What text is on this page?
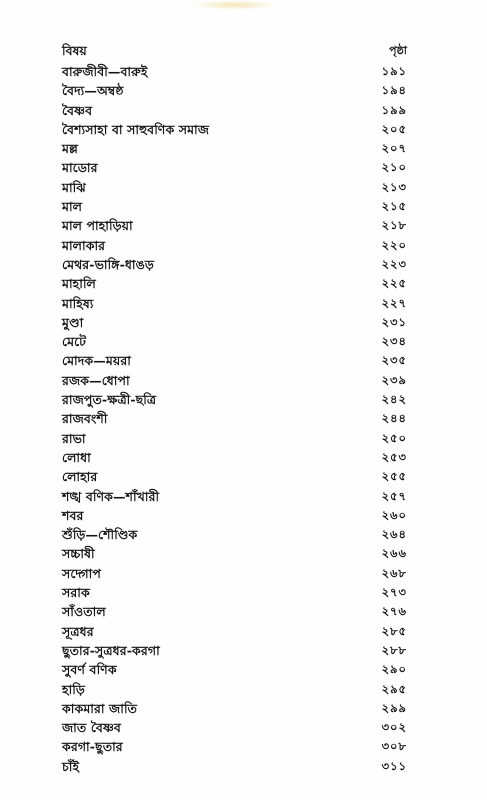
বিষয়	পৃষ্ঠা
বারুজীবী—বারুই	১৯১
বৈদ্য—অম্বষ্ঠ	১৯৪
বৈষ্ণব	১৯৯
বৈশ্যসাহা বা সাহুবণিক সমাজ	২০৫
মল্ল	২০৭
মাডোর	২১০
মাঝি	২১৩
মাল	২১৫
মাল পাহাড়িয়া	২১৮
মালাকার	২২০
মেথর-ভাঙ্গি-ধাঙড়	২২৩
মাহালি	২২৫
মাহিষ্য	২২৭
মুণ্ডা	২৩১
মেটে	২৩৪
মোদক—ময়রা	২৩৫
রজক—ধোপা	২৩৯
রাজপুত-ক্ষত্রী-ছত্রি	২৪২
রাজবংশী	২৪৪
রাভা	২৫০
লোধা	২৫৩
লোহার	২৫৫
শঙ্খ বণিক—শাঁখারী	২৫৭
শবর	২৬০
শুঁড়ি—শৌণ্ডিক	২৬৪
সচ্চাষী	২৬৬
সদ্গোপ	২৬৮
সরাক	২৭৩
সাঁওতাল	২৭৬
সূত্রধর	২৮৫
ছুতার-সুত্রধর-করগা	২৮৮
সুবর্ণ বণিক	২৯০
হাড়ি	২৯৫
কাকমারা জাতি	২৯৯
জাত বৈষ্ণব	৩০২
করগা-ছুতার	৩০৮
চাঁই	৩১১
